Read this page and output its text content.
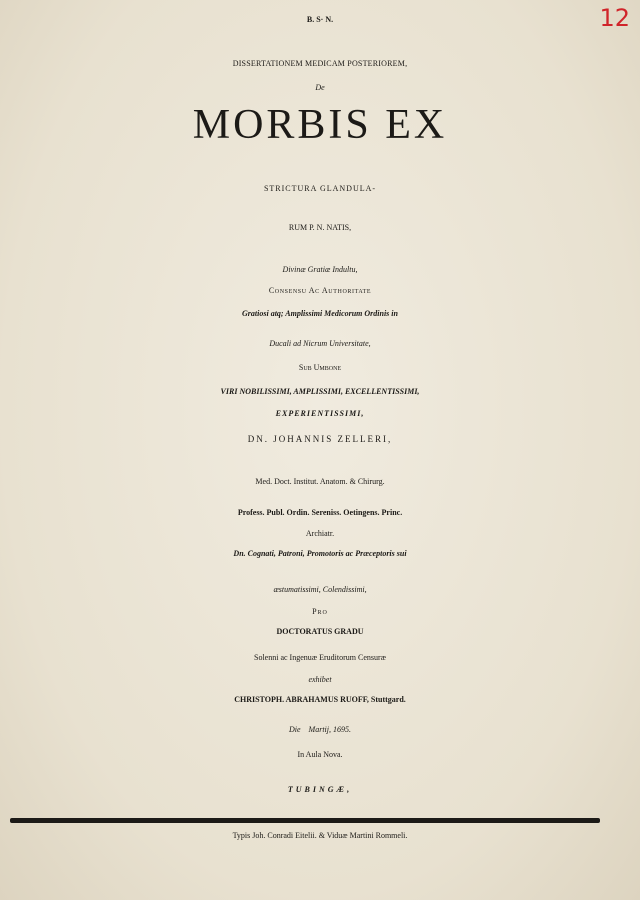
12
B. S· N.
DISSERTATIONEM MEDICAM POSTERIOREM,
De
MORBIS EX
STRICTURA GLANDULA-
RUM P. N. NATIS,
Divinæ Gratiæ Indultu,
Consensu Ac Authoritate
Gratiosi atq; Amplissimi Medicorum Ordinis in
Ducali ad Nicrum Universitate,
Sub Umbone
VIRI NOBILISSIMI, AMPLISSIMI, EXCELLENTISSIMI,
EXPERIENTISSIMI,
DN. JOHANNIS ZELLERI,
Med. Doct. Institut. Anatom. & Chirurg.
Profess. Publ. Ordin. Sereniss. Oetingens. Princ.
Archiatr.
Dn. Cognati, Patroni, Promotoris ac Præceptoris sui
æstumatissimi, Colendissimi,
Pro
DOCTORATUS GRADU
Solenni ac Ingenuæ Eruditorum Censuræ
exhibet
CHRISTOPH. ABRAHAMUS RUOFF, Stuttgard.
Die    Martij, 1695.
In Aula Nova.
TUBINGÆ,
Typis Joh. Conradi Eitelii. & Viduæ Martini Rommeli.
